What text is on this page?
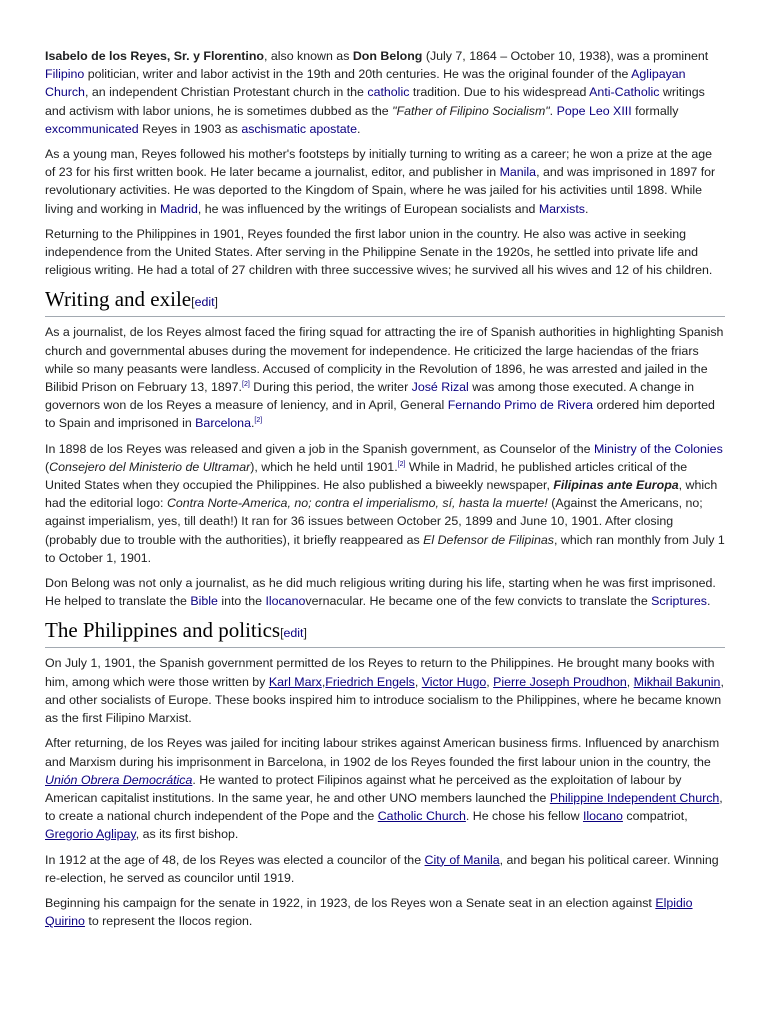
Isabelo de los Reyes, Sr. y Florentino, also known as Don Belong (July 7, 1864 – October 10, 1938), was a prominent Filipino politician, writer and labor activist in the 19th and 20th centuries. He was the original founder of the Aglipayan Church, an independent Christian Protestant church in the catholic tradition. Due to his widespread Anti-Catholic writings and activism with labor unions, he is sometimes dubbed as the "Father of Filipino Socialism". Pope Leo XIII formally excommunicated Reyes in 1903 as aschismatic apostate.

As a young man, Reyes followed his mother's footsteps by initially turning to writing as a career; he won a prize at the age of 23 for his first written book. He later became a journalist, editor, and publisher in Manila, and was imprisoned in 1897 for revolutionary activities. He was deported to the Kingdom of Spain, where he was jailed for his activities until 1898. While living and working in Madrid, he was influenced by the writings of European socialists and Marxists.

Returning to the Philippines in 1901, Reyes founded the first labor union in the country. He also was active in seeking independence from the United States. After serving in the Philippine Senate in the 1920s, he settled into private life and religious writing. He had a total of 27 children with three successive wives; he survived all his wives and 12 of his children.

Writing and exile[edit]

As a journalist, de los Reyes almost faced the firing squad for attracting the ire of Spanish authorities in highlighting Spanish church and governmental abuses during the movement for independence. He criticized the large haciendas of the friars while so many peasants were landless. Accused of complicity in the Revolution of 1896, he was arrested and jailed in the Bilibid Prison on February 13, 1897.[2] During this period, the writer José Rizal was among those executed. A change in governors won de los Reyes a measure of leniency, and in April, General Fernando Primo de Rivera ordered him deported to Spain and imprisoned in Barcelona.[2]

In 1898 de los Reyes was released and given a job in the Spanish government, as Counselor of the Ministry of the Colonies (Consejero del Ministerio de Ultramar), which he held until 1901.[2] While in Madrid, he published articles critical of the United States when they occupied the Philippines. He also published a biweekly newspaper, Filipinas ante Europa, which had the editorial logo: Contra Norte-America, no; contra el imperialismo, sí, hasta la muerte! (Against the Americans, no; against imperialism, yes, till death!) It ran for 36 issues between October 25, 1899 and June 10, 1901. After closing (probably due to trouble with the authorities), it briefly reappeared as El Defensor de Filipinas, which ran monthly from July 1 to October 1, 1901.

Don Belong was not only a journalist, as he did much religious writing during his life, starting when he was first imprisoned. He helped to translate the Bible into the Ilocanovernacular. He became one of the few convicts to translate the Scriptures.

The Philippines and politics[edit]

On July 1, 1901, the Spanish government permitted de los Reyes to return to the Philippines. He brought many books with him, among which were those written by Karl Marx,Friedrich Engels, Victor Hugo, Pierre Joseph Proudhon, Mikhail Bakunin, and other socialists of Europe. These books inspired him to introduce socialism to the Philippines, where he became known as the first Filipino Marxist.

After returning, de los Reyes was jailed for inciting labour strikes against American business firms. Influenced by anarchism and Marxism during his imprisonment in Barcelona, in 1902 de los Reyes founded the first labour union in the country, the Unión Obrera Democrática. He wanted to protect Filipinos against what he perceived as the exploitation of labour by American capitalist institutions. In the same year, he and other UNO members launched the Philippine Independent Church, to create a national church independent of the Pope and the Catholic Church. He chose his fellow Ilocano compatriot, Gregorio Aglipay, as its first bishop.

In 1912 at the age of 48, de los Reyes was elected a councilor of the City of Manila, and began his political career. Winning re-election, he served as councilor until 1919.

Beginning his campaign for the senate in 1922, in 1923, de los Reyes won a Senate seat in an election against Elpidio Quirino to represent the Ilocos region.
